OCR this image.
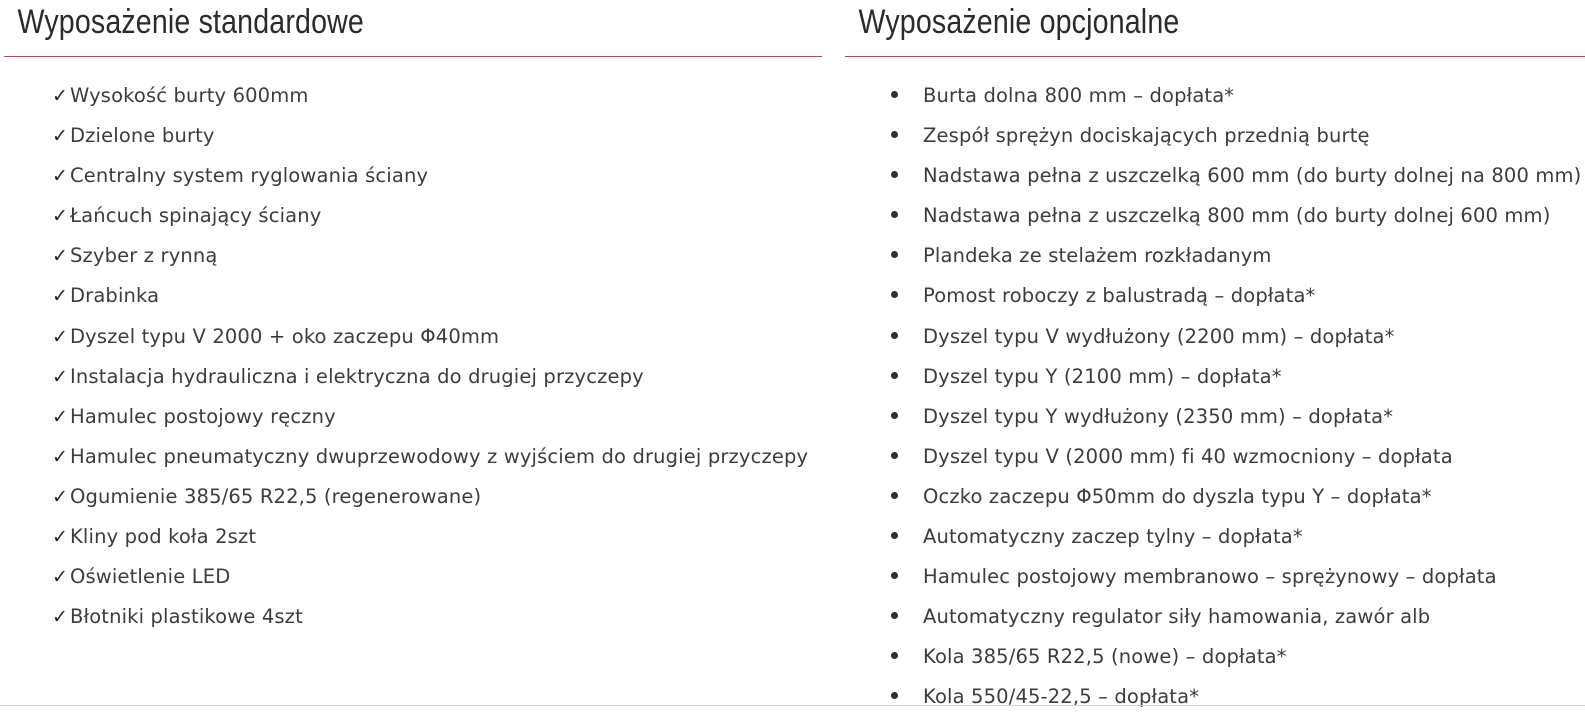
Wyposażenie standardowe
✓Wysokość burty 600mm
✓Dzielone burty
✓Centralny system ryglowania ściany
✓Łańcuch spinający ściany
✓Szyber z rynną
✓Drabinka
✓Dyszel typu V 2000 + oko zaczepu Φ40mm
✓Instalacja hydrauliczna i elektryczna do drugiej przyczepy
✓Hamulec postojowy ręczny
✓Hamulec pneumatyczny dwuprzewodowy z wyjściem do drugiej przyczepy
✓Ogumienie 385/65 R22,5 (regenerowane)
✓Kliny pod koła 2szt
✓Oświetlenie LED
✓Błotniki plastikowe 4szt
Wyposażenie opcjonalne
Burta dolna 800 mm – dopłata*
Zespół sprężyn dociskających przednią burtę
Nadstawa pełna z uszczelką 600 mm (do burty dolnej na 800 mm)
Nadstawa pełna z uszczelką 800 mm (do burty dolnej 600 mm)
Plandeka ze stelażem rozkładanym
Pomost roboczy z balustradą – dopłata*
Dyszel typu V wydłużony (2200 mm) – dopłata*
Dyszel typu Y (2100 mm) – dopłata*
Dyszel typu Y wydłużony (2350 mm) – dopłata*
Dyszel typu V (2000 mm) fi 40 wzmocniony – dopłata
Oczko zaczepu Φ50mm do dyszla typu Y – dopłata*
Automatyczny zaczep tylny – dopłata*
Hamulec postojowy membranowo – sprężynowy – dopłata
Automatyczny regulator siły hamowania, zawór alb
Kola 385/65 R22,5 (nowe) – dopłata*
Kola 550/45-22,5 – dopłata*
